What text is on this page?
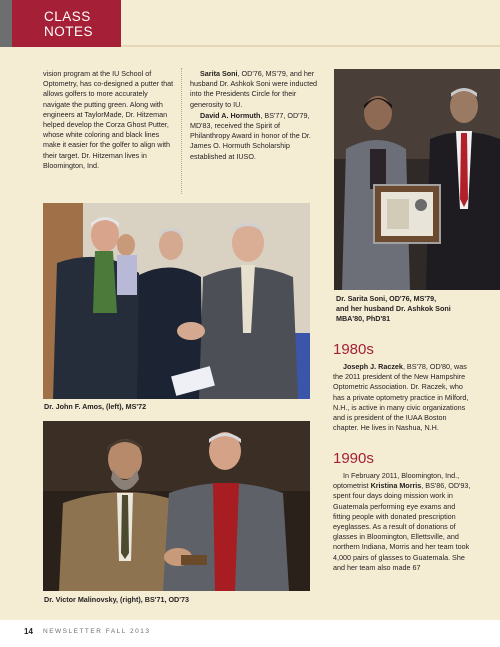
CLASS
NOTES

vision program at the IU School of Optometry, has co-designed a putter that allows golfers to more accurately navigate the putting green. Along with engineers at TaylorMade, Dr. Hitzeman helped develop the Corza Ghost Putter, whose white coloring and black lines make it easier for the golfer to align with their target. Dr. Hitzeman lives in Bloomington, Ind.

Sarita Soni, OD'76, MS'79, and her husband Dr. Ashkok Soni were inducted into the Presidents Circle for their generosity to IU.

David A. Hormuth, BS'77, OD'79, MD'83, received the Spirit of Philanthropy Award in honor of the Dr. James O. Hormuth Scholarship established at IUSO.

Dr. Sarita Soni, OD'76, MS'79,
and her husband Dr. Ashkok Soni
MBA'80, PhD'81
Dr. John F. Amos, (left), MS'72
Dr. Victor Malinovsky, (right), BS'71, OD'73
1980s

Joseph J. Raczek, BS'78, OD'80, was the 2011 president of the New Hampshire Optometric Association. Dr. Raczek, who has a private optometry practice in Milford, N.H., is active in many civic organizations and is president of the IUAA Boston chapter. He lives in Nashua, N.H.

1990s

In February 2011, Bloomington, Ind., optometrist Kristina Morris, BS'86, OD'93, spent four days doing mission work in Guatemala performing eye exams and fitting people with donated prescription eyeglasses. As a result of donations of glasses in Bloomington, Ellettsville, and northern Indiana, Morris and her team took 4,000 pairs of glasses to Guatemala. She and her team also made 67

14 NEWSLETTER FALL 2013
